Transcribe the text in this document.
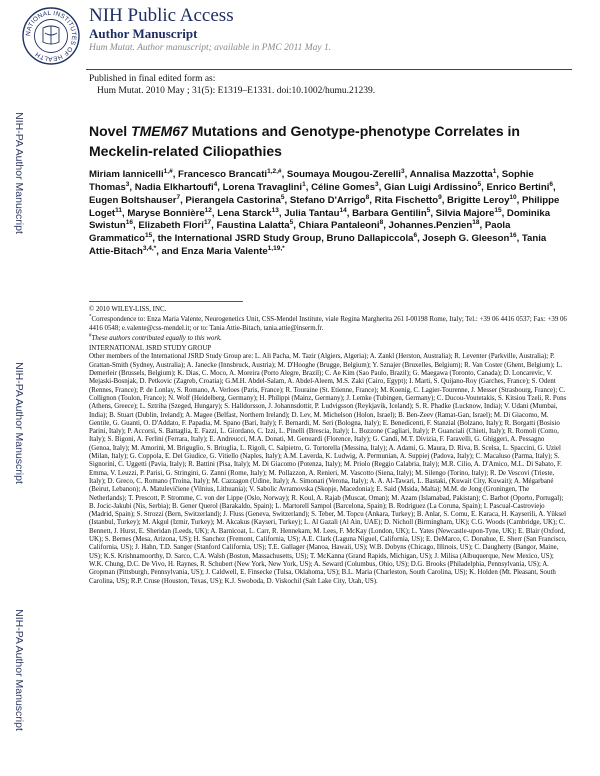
NATIONAL INSTITUTES OF HEALTH
NIH Public Access
Author Manuscript
Hum Mutat. Author manuscript; available in PMC 2011 May 1.
Published in final edited form as:
Hum Mutat. 2010 May ; 31(5): E1319–E1331. doi:10.1002/humu.21239.
NIH-PA Author Manuscript
NIH-PA Author Manuscript
NIH-PA Author Manuscript
Novel TMEM67 Mutations and Genotype-phenotype Correlates in Meckelin-related Ciliopathies
Miriam Iannicelli$^{1,\#}$, Francesco Brancati$^{1,2,\#}$, Soumaya Mougou-Zerelli$^3$, Annalisa Mazzotta$^1$, Sophie Thomas$^3$, Nadia Elkhartoufi$^4$, Lorena Travaglini$^1$, Céline Gomes$^3$, Gian Luigi Ardissino$^5$, Enrico Bertini$^6$, Eugen Boltshauser$^7$, Pierangela Castorina$^5$, Stefano D'Arrigo$^8$, Rita Fischetto$^9$, Brigitte Leroy$^{10}$, Philippe Loget$^{11}$, Maryse Bonnière$^{12}$, Lena Starck$^{13}$, Julia Tantau$^{14}$, Barbara Gentilin$^5$, Silvia Majore$^{15}$, Dominika Swistun$^{16}$, Elizabeth Flori$^{17}$, Faustina Lalatta$^5$, Chiara Pantaleoni$^8$, Johannes.Penzien$^{18}$, Paola Grammatico$^{15}$, the International JSRD Study Group, Bruno Dallapiccola$^6$, Joseph G. Gleeson$^{16}$, Tania Attie-Bitach$^{3,4,*}$, and Enza Maria Valente$^{1,19,*}$

© 2010 WILEY-LISS, INC.

*Correspondence to: Enza Maria Valente, Neurogenetics Unit, CSS-Mendel Institute, viale Regina Margherita 261 I-00198 Rome, Italy; Tel.: +39 06 4416 0537; Fax: +39 06 4416 0548; e.valente@css-mendel.it; or to: Tania Attie-Bitach, tania.attie@inserm.fr.

#These authors contributed equally to this work.

INTERNATIONAL JSRD STUDY GROUP

Other members of the International JSRD Study Group are: L. Ali Pacha, M. Tazir (Algiers, Algeria); A. Zankl (Herston, Australia); R. Leventer (Parkville, Australia); P. Grattan-Smith (Sydney, Australia); A. Janecke (Innsbruck, Austria); M. D'Hooghe (Brugge, Belgium); Y. Sznajer (Bruxelles, Belgium); R. Van Coster (Ghent, Belgium); L. Demerleir (Brussels, Belgium); K. Dias, C. Moco, A. Moreira (Porto Alegre, Brazil); C. Ae Kim (Sao Paulo, Brazil); G. Maegawa (Toronto, Canada); D. Loncarevic, V. Mejaski-Bosnjak, D. Petkovic (Zagreb, Croatia); G.M.H. Abdel-Salam, A. Abdel-Aleem, M.S. Zaki (Cairo, Egypt); I. Marti, S. Quijano-Roy (Garches, France); S. Odent (Rennes, France); P. de Lonlay, S. Romano, A. Verloes (Paris, France); R. Touraine (St. Etienne, France); M. Koenig, C. Lagier-Tourenne, J. Messer (Strasbourg, France); C. Collignon (Toulon, France); N. Wolf (Heidelberg, Germany); H. Philippi (Mainz, Germany); J. Lemke (Tubingen, Germany); C. Ducou-Voutetakis, S. Kitsiou Tzeli, R. Pons (Athens, Greece); L. Sztriha (Szeged, Hungary); S. Halldorsson, J. Johannsdottir, P. Ludvigsson (Reykjavik, Iceland); S. R. Phadke (Lucknow, India); V. Udani (Mumbai, India); B. Stuart (Dublin, Ireland); A. Magee (Belfast, Northern Ireland); D. Lev, M. Michelson (Holon, Israel); B. Ben-Zeev (Ramat-Gan, Israel); M. Di Giacomo, M. Gentile, G. Guanti, O. D'Addato, F. Papadia, M. Spano (Bari, Italy); F. Bernardi, M. Seri (Bologna, Italy); E. Benedicenti, F. Stanzial (Bolzano, Italy); R. Borgatti (Bosisio Parini, Italy); P. Accorsi, S. Battaglia, E. Fazzi, L. Giordano, C. Izzi, L. Pinelli (Brescia, Italy); L. Bozzone (Cagliari, Italy); P. Guanciali (Chieti, Italy); R. Romoli (Como, Italy); S. Bigoni, A. Ferlini (Ferrara, Italy); E. Andreucci, M.A. Donati, M. Genuardi (Florence, Italy); G. Candi, M.T. Divizia, F. Faravelli, G. Ghiggeri, A. Pessagno (Genoa, Italy); M. Amorini, M. Briguglio, S. Briuglia, L. Rigoli, C. Salpietro, G. Tortorella (Messina, Italy); A. Adami, G. Maura, D. Riva, B. Scelsa, L. Spaccini, G. Uziel (Milan, Italy); G. Coppola, E. Del Giudice, G. Vitiello (Naples, Italy); A.M. Laverda, K. Ludwig, A. Permunian, A. Suppiej (Padova, Italy); C. Macaluso (Parma, Italy); S. Signorini, C. Uggetti (Pavia, Italy); R. Battini (Pisa, Italy); M. Di Giacomo (Potenza, Italy); M. Priolo (Reggio Calabria, Italy); M.R. Cilio, A. D'Amico, M.L. Di Sabato, F. Emma, V. Leuzzi, P. Parisi, G. Stringini, G. Zanni (Rome, Italy); M. Pollazzon, A. Renieri, M. Vascotto (Siena, Italy); M. Silengo (Torino, Italy); R. De Vescovi (Trieste, Italy); D. Greco, C. Romano (Troina, Italy); M. Cazzagon (Udine, Italy); A. Simonati (Verona, Italy); A. A. Al-Tawari, L. Bastaki, (Kuwait City, Kuwait); A. Mégarbané (Beirut, Lebanon); A. Matulevičiene (Vilnius, Lithuania); V. Sabolic Avramovska (Skopje, Macedonia); E. Said (Msida, Malta); M.M. de Jong (Groningen, The Netherlands); T. Prescott, P. Stromme, C. von der Lippe (Oslo, Norway); R. Koul, A. Rajab (Muscat, Oman); M. Azam (Islamabad, Pakistan); C. Barbot (Oporto, Portugal); B. Jocic-Jakubi (Nis, Serbia); B. Gener Querol (Barakaldo, Spain); L. Martorell Sampol (Barcelona, Spain); B. Rodriguez (La Coruna, Spain); I. Pascual-Castroviejo (Madrid, Spain); S. Strozzi (Bern, Switzerland); J. Fluss (Geneva, Switzerland); S. Teber, M. Topcu (Ankara, Turkey); B. Anlar, S. Comu, E. Karaca, H. Kayserili, A. Yüksel (Istanbul, Turkey); M. Akgul (Izmir, Turkey); M. Akcakus (Kayseri, Turkey); L. Al Gazali (Al Ain, UAE); D. Nicholl (Birmingham, UK); C.G. Woods (Cambridge, UK); C. Bennett, J. Hurst, E. Sheridan (Leeds, UK); A. Barnicoat, L. Carr, R. Hennekam, M. Lees, F. McKay (London, UK); L. Yates (Newcastle-upon-Tyne, UK); E. Blair (Oxford, UK); S. Bernes (Mesa, Arizona, US); H. Sanchez (Fremont, California, US); A.E. Clark (Laguna Niguel, California, US); E. DeMarco, C. Donahue, E. Sherr (San Francisco, California, US); J. Hahn, T.D. Sanger (Stanford California, US); T.E. Gallager (Manoa, Hawaii, US); W.B. Dobyns (Chicago, Illinois, US); C. Daugherty (Bangor, Maine, US); K.S. Krishnamoorthy, D. Sarco, C.A. Walsh (Boston, Massachusetts, US); T. McKanna (Grand Rapids, Michigan, US); J. Milisa (Albuquerque, New Mexico, US); W.K. Chung, D.C. De Vivo, H. Raynes, R. Schubert (New York, New York, US); A. Seward (Columbus, Ohio, US); D.G. Brooks (Philadelphia, Pennsylvania, US); A. Gropman (Pittsburgh, Pennsylvania, US); J. Caldwell, E. Finsecke (Tulsa, Oklahoma, US); B.L. Maria (Charleston, South Carolina, US); K. Holden (Mt. Pleasant, South Carolina, US); R.P. Cruse (Houston, Texas, US); K.J. Swoboda, D. Viskochil (Salt Lake City, Utah, US).
